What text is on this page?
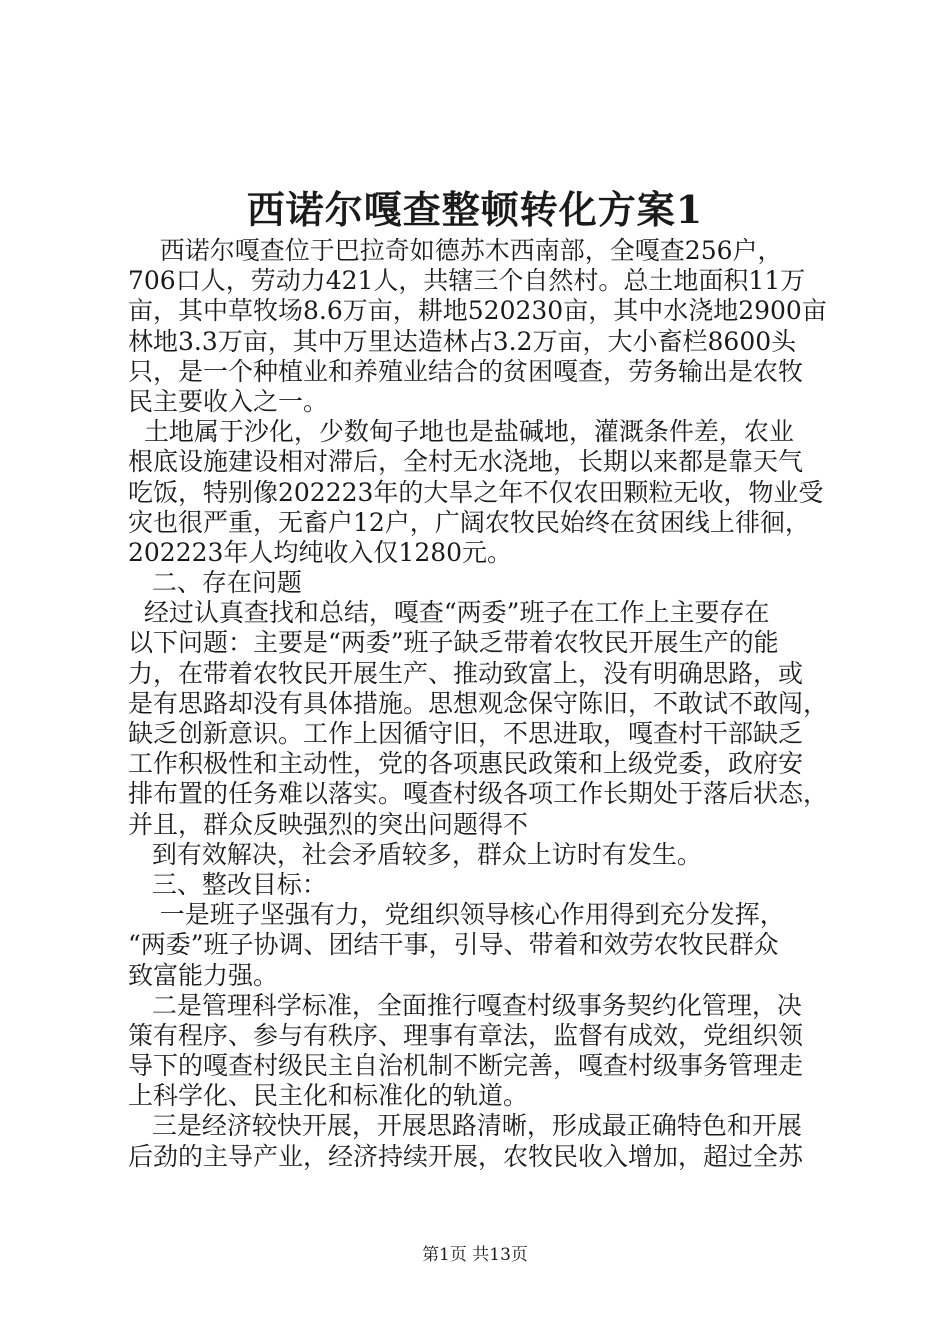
西诺尔嘎查整顿转化方案1
西诺尔嘎查位于巴拉奇如德苏木西南部，全嘎查256户，
706口人，劳动力421人，共辖三个自然村。总土地面积11万
亩，其中草牧场8.6万亩，耕地520230亩，其中水浇地2900亩
林地3.3万亩，其中万里达造林占3.2万亩，大小畜栏8600头
只，是一个种植业和养殖业结合的贫困嘎查，劳务输出是农牧
民主要收入之一。
土地属于沙化，少数甸子地也是盐碱地，灌溉条件差，农业
根底设施建设相对滞后，全村无水浇地，长期以来都是靠天气
吃饭，特别像202223年的大旱之年不仅农田颗粒无收，物业受
灾也很严重，无畜户12户，广阔农牧民始终在贫困线上徘徊，
202223年人均纯收入仅1280元。
二、存在问题
经过认真查找和总结，嘎查“两委”班子在工作上主要存在
以下问题：主要是“两委”班子缺乏带着农牧民开展生产的能
力，在带着农牧民开展生产、推动致富上，没有明确思路，或
是有思路却没有具体措施。思想观念保守陈旧，不敢试不敢闯，
缺乏创新意识。工作上因循守旧，不思进取，嘎查村干部缺乏
工作积极性和主动性，党的各项惠民政策和上级党委，政府安
排布置的任务难以落实。嘎查村级各项工作长期处于落后状态，
并且，群众反映强烈的突出问题得不
到有效解决，社会矛盾较多，群众上访时有发生。
三、整改目标：
一是班子坚强有力，党组织领导核心作用得到充分发挥，
“两委”班子协调、团结干事，引导、带着和效劳农牧民群众
致富能力强。
二是管理科学标准，全面推行嘎查村级事务契约化管理，决
策有程序、参与有秩序、理事有章法，监督有成效，党组织领
导下的嘎查村级民主自治机制不断完善，嘎查村级事务管理走
上科学化、民主化和标准化的轨道。
三是经济较快开展，开展思路清晰，形成最正确特色和开展
后劲的主导产业，经济持续开展，农牧民收入增加，超过全苏
第1页 共13页
